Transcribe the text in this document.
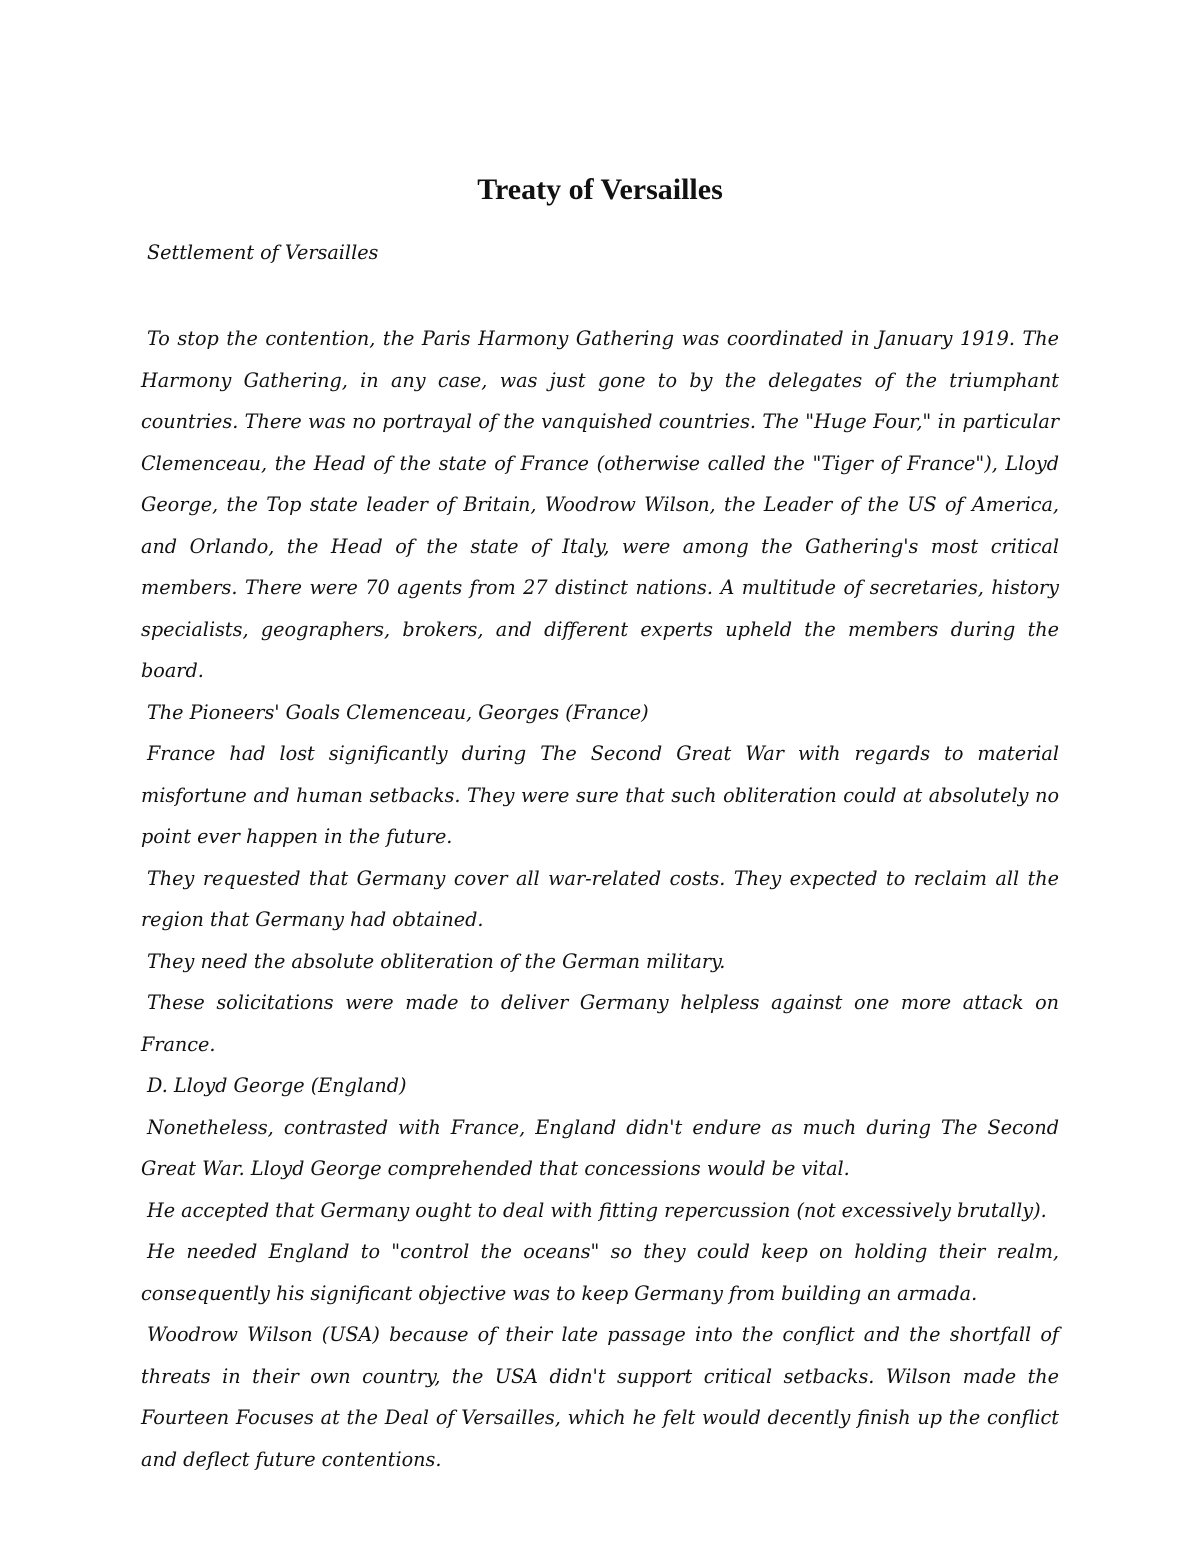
Treaty of Versailles

Settlement of Versailles

To stop the contention, the Paris Harmony Gathering was coordinated in January 1919. The Harmony Gathering, in any case, was just gone to by the delegates of the triumphant countries. There was no portrayal of the vanquished countries. The "Huge Four," in particular Clemenceau, the Head of the state of France (otherwise called the "Tiger of France"), Lloyd George, the Top state leader of Britain, Woodrow Wilson, the Leader of the US of America, and Orlando, the Head of the state of Italy, were among the Gathering's most critical members. There were 70 agents from 27 distinct nations. A multitude of secretaries, history specialists, geographers, brokers, and different experts upheld the members during the board.

The Pioneers' Goals Clemenceau, Georges (France)

France had lost significantly during The Second Great War with regards to material misfortune and human setbacks. They were sure that such obliteration could at absolutely no point ever happen in the future.

They requested that Germany cover all war-related costs. They expected to reclaim all the region that Germany had obtained.

They need the absolute obliteration of the German military.

These solicitations were made to deliver Germany helpless against one more attack on France.

D. Lloyd George (England)

Nonetheless, contrasted with France, England didn't endure as much during The Second Great War. Lloyd George comprehended that concessions would be vital.

He accepted that Germany ought to deal with fitting repercussion (not excessively brutally).

He needed England to "control the oceans" so they could keep on holding their realm, consequently his significant objective was to keep Germany from building an armada.

Woodrow Wilson (USA) because of their late passage into the conflict and the shortfall of threats in their own country, the USA didn't support critical setbacks. Wilson made the Fourteen Focuses at the Deal of Versailles, which he felt would decently finish up the conflict and deflect future contentions.
